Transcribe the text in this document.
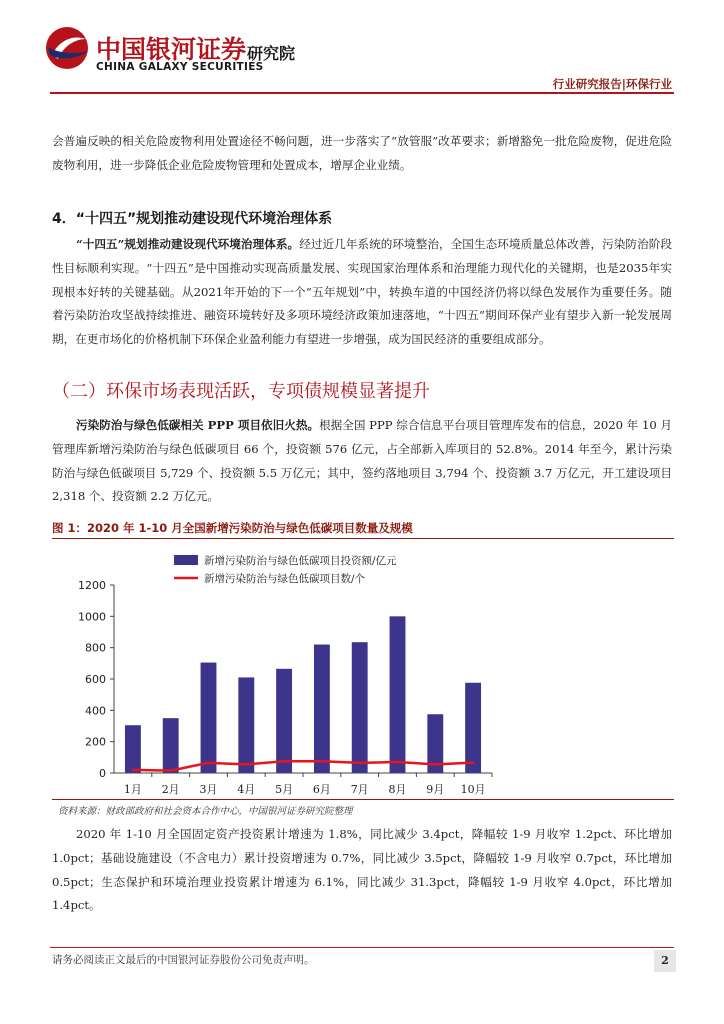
中国银河证券
CHINA GALAXY SECURITIES
研究院
行业研究报告|环保行业

会普遍反映的相关危险废物利用处置途径不畅问题，进一步落实了“放管服”改革要求；新增豁免一批危险废物，促进危险废物利用，进一步降低企业危险废物管理和处置成本，增厚企业业绩。

4．“十四五”规划推动建设现代环境治理体系

“十四五”规划推动建设现代环境治理体系。经过近几年系统的环境整治，全国生态环境质量总体改善，污染防治阶段性目标顺利实现。“十四五”是中国推动实现高质量发展、实现国家治理体系和治理能力现代化的关键期，也是2035年实现根本好转的关键基础。从2021年开始的下一个“五年规划”中，转换车道的中国经济仍将以绿色发展作为重要任务。随着污染防治攻坚战持续推进、融资环境转好及多项环境经济政策加速落地，“十四五”期间环保产业有望步入新一轮发展周期，在更市场化的价格机制下环保企业盈利能力有望进一步增强，成为国民经济的重要组成部分。

（二）环保市场表现活跃，专项债规模显著提升

污染防治与绿色低碳相关 PPP 项目依旧火热。根据全国 PPP 综合信息平台项目管理库发布的信息，2020 年 10 月管理库新增污染防治与绿色低碳项目 66 个，投资额 576 亿元，占全部新入库项目的 52.8%。2014 年至今，累计污染防治与绿色低碳项目 5,729 个、投资额 5.5 万亿元；其中，签约落地项目 3,794 个、投资额 3.7 万亿元，开工建设项目 2,318 个、投资额 2.2 万亿元。

图 1：2020 年 1-10 月全国新增污染防治与绿色低碳项目数量及规模
0
200
400
600
800
1000
1200
1月 2月 3月 4月 5月 6月 7月 8月 9月 10月
新增污染防治与绿色低碳项目投资额/亿元
新增污染防治与绿色低碳项目数/个
资料来源：财政部政府和社会资本合作中心，中国银河证券研究院整理

2020 年 1-10 月全国固定资产投资累计增速为 1.8%，同比减少 3.4pct，降幅较 1-9 月收窄 1.2pct、环比增加 1.0pct；基础设施建设（不含电力）累计投资增速为 0.7%，同比减少 3.5pct，降幅较 1-9 月收窄 0.7pct，环比增加 0.5pct；生态保护和环境治理业投资累计增速为 6.1%，同比减少 31.3pct，降幅较 1-9 月收窄 4.0pct，环比增加 1.4pct。

请务必阅读正文最后的中国银河证券股份公司免责声明。	2
